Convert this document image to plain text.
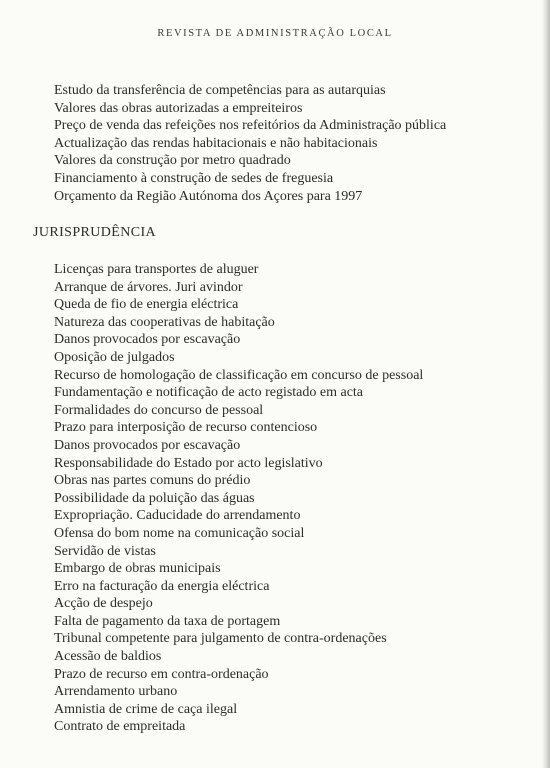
REVISTA DE ADMINISTRAÇÃO LOCAL
Estudo da transferência de competências para as autarquias
Valores das obras autorizadas a empreiteiros
Preço de venda das refeições nos refeitórios da Administração pública
Actualização das rendas habitacionais e não habitacionais
Valores da construção por metro quadrado
Financiamento à construção de sedes de freguesia
Orçamento da Região Autónoma dos Açores para 1997
JURISPRUDÊNCIA
Licenças para transportes de aluguer
Arranque de árvores. Juri avindor
Queda de fio de energia eléctrica
Natureza das cooperativas de habitação
Danos provocados por escavação
Oposição de julgados
Recurso de homologação de classificação em concurso de pessoal
Fundamentação e notificação de acto registado em acta
Formalidades do concurso de pessoal
Prazo para interposição de recurso contencioso
Danos provocados por escavação
Responsabilidade do Estado por acto legislativo
Obras nas partes comuns do prédio
Possibilidade da poluição das águas
Expropriação. Caducidade do arrendamento
Ofensa do bom nome na comunicação social
Servidão de vistas
Embargo de obras municipais
Erro na facturação da energia eléctrica
Acção de despejo
Falta de pagamento da taxa de portagem
Tribunal competente para julgamento de contra-ordenações
Acessão de baldios
Prazo de recurso em contra-ordenação
Arrendamento urbano
Amnistia de crime de caça ilegal
Contrato de empreitada
